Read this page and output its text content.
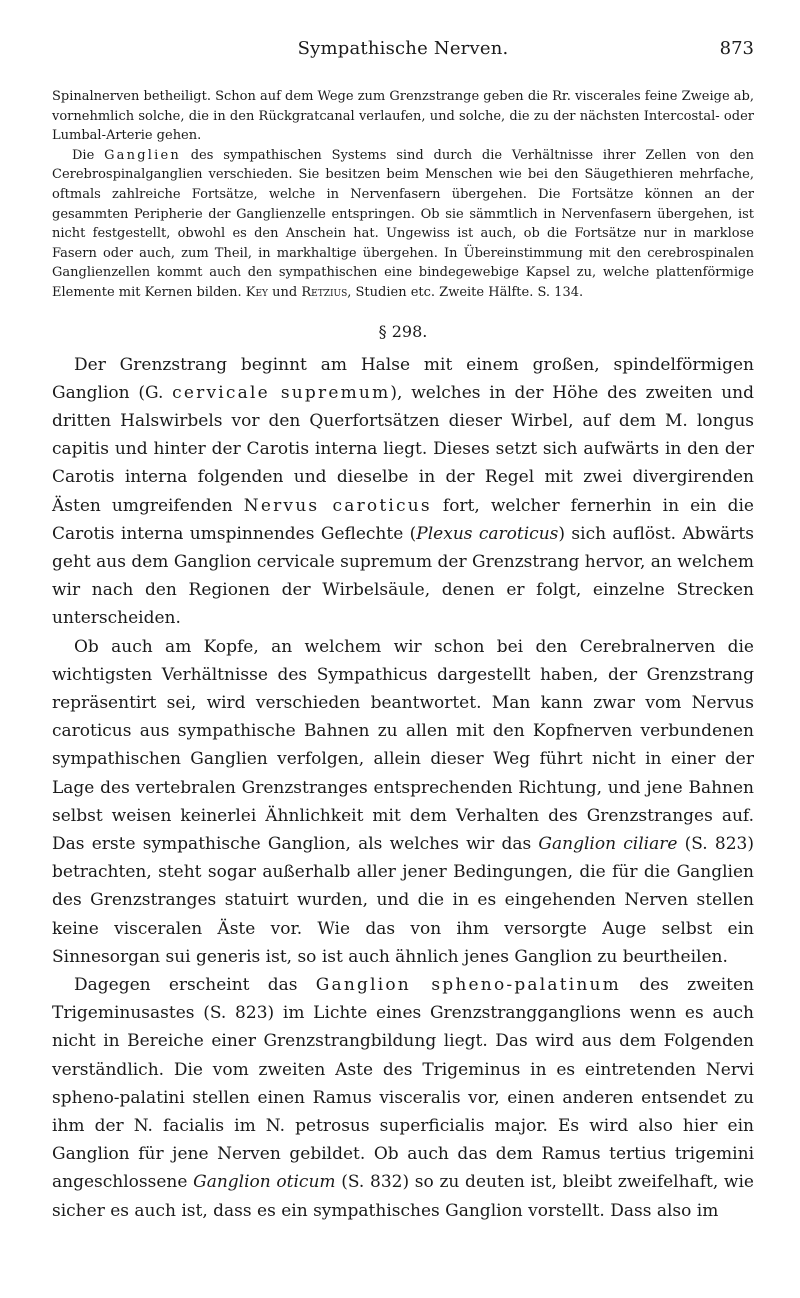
Sympathische Nerven.	873

Spinalnerven betheiligt. Schon auf dem Wege zum Grenzstrange geben die Rr. viscerales feine Zweige ab, vornehmlich solche, die in den Rückgratcanal verlaufen, und solche, die zu der nächsten Intercostal- oder Lumbal-Arterie gehen.

Die Ganglien des sympathischen Systems sind durch die Verhältnisse ihrer Zellen von den Cerebrospinalganglien verschieden. Sie besitzen beim Menschen wie bei den Säugethieren mehrfache, oftmals zahlreiche Fortsätze, welche in Nervenfasern übergehen. Die Fortsätze können an der gesammten Peripherie der Ganglienzelle entspringen. Ob sie sämmtlich in Nervenfasern übergehen, ist nicht festgestellt, obwohl es den Anschein hat. Ungewiss ist auch, ob die Fortsätze nur in marklose Fasern oder auch, zum Theil, in markhaltige übergehen. In Übereinstimmung mit den cerebrospinalen Ganglienzellen kommt auch den sympathischen eine bindegewebige Kapsel zu, welche plattenförmige Elemente mit Kernen bilden. Key und Retzius, Studien etc. Zweite Hälfte. S. 134.

§ 298.

Der Grenzstrang beginnt am Halse mit einem großen, spindelförmigen Ganglion (G. cervicale supremum), welches in der Höhe des zweiten und dritten Halswirbels vor den Querfortsätzen dieser Wirbel, auf dem M. longus capitis und hinter der Carotis interna liegt. Dieses setzt sich aufwärts in den der Carotis interna folgenden und dieselbe in der Regel mit zwei divergirenden Ästen umgreifenden Nervus caroticus fort, welcher fernerhin in ein die Carotis interna umspinnendes Geflechte (Plexus caroticus) sich auflöst. Abwärts geht aus dem Ganglion cervicale supremum der Grenzstrang hervor, an welchem wir nach den Regionen der Wirbelsäule, denen er folgt, einzelne Strecken unterscheiden.

Ob auch am Kopfe, an welchem wir schon bei den Cerebralnerven die wichtigsten Verhältnisse des Sympathicus dargestellt haben, der Grenzstrang repräsentirt sei, wird verschieden beantwortet. Man kann zwar vom Nervus caroticus aus sympathische Bahnen zu allen mit den Kopfnerven verbundenen sympathischen Ganglien verfolgen, allein dieser Weg führt nicht in einer der Lage des vertebralen Grenzstranges entsprechenden Richtung, und jene Bahnen selbst weisen keinerlei Ähnlichkeit mit dem Verhalten des Grenzstranges auf. Das erste sympathische Ganglion, als welches wir das Ganglion ciliare (S. 823) betrachten, steht sogar außerhalb aller jener Bedingungen, die für die Ganglien des Grenzstranges statuirt wurden, und die in es eingehenden Nerven stellen keine visceralen Äste vor. Wie das von ihm versorgte Auge selbst ein Sinnesorgan sui generis ist, so ist auch ähnlich jenes Ganglion zu beurtheilen.

Dagegen erscheint das Ganglion spheno-palatinum des zweiten Trigeminusastes (S. 823) im Lichte eines Grenzstrangganglions wenn es auch nicht in Bereiche einer Grenzstrangbildung liegt. Das wird aus dem Folgenden verständlich. Die vom zweiten Aste des Trigeminus in es eintretenden Nervi spheno-palatini stellen einen Ramus visceralis vor, einen anderen entsendet zu ihm der N. facialis im N. petrosus superficialis major. Es wird also hier ein Ganglion für jene Nerven gebildet. Ob auch das dem Ramus tertius trigemini angeschlossene Ganglion oticum (S. 832) so zu deuten ist, bleibt zweifelhaft, wie sicher es auch ist, dass es ein sympathisches Ganglion vorstellt. Dass also im
